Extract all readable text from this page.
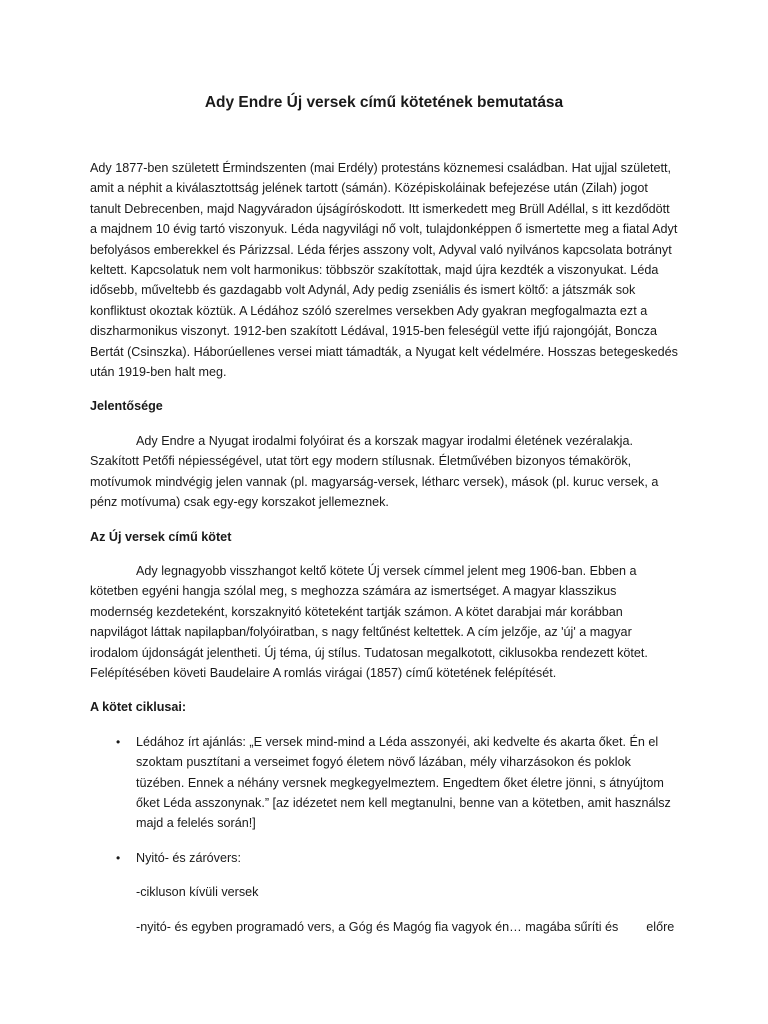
Ady Endre Új versek című kötetének bemutatása

Ady 1877-ben született Érmindszenten (mai Erdély) protestáns köznemesi családban. Hat ujjal született, amit a néphit a kiválasztottság jelének tartott (sámán). Középiskoláinak befejezése után (Zilah) jogot tanult Debrecenben, majd Nagyváradon újságíróskodott. Itt ismerkedett meg Brüll Adéllal, s itt kezdődött a majdnem 10 évig tartó viszonyuk. Léda nagyvilági nő volt, tulajdonképpen ő ismertette meg a fiatal Adyt befolyásos emberekkel és Párizzsal. Léda férjes asszony volt, Adyval való nyilvános kapcsolata botrányt keltett. Kapcsolatuk nem volt harmonikus: többször szakítottak, majd újra kezdték a viszonyukat. Léda idősebb, műveltebb és gazdagabb volt Adynál, Ady pedig zseniális és ismert költő: a játszmák sok konfliktust okoztak köztük. A Lédához szóló szerelmes versekben Ady gyakran megfogalmazta ezt a diszharmonikus viszonyt. 1912-ben szakított Lédával, 1915-ben feleségül vette ifjú rajongóját, Boncza Bertát (Csinszka). Háborúellenes versei miatt támadták, a Nyugat kelt védelmére. Hosszas betegeskedés után 1919-ben halt meg.

Jelentősége

Ady Endre a Nyugat irodalmi folyóirat és a korszak magyar irodalmi életének vezéralakja. Szakított Petőfi népiességével, utat tört egy modern stílusnak. Életművében bizonyos témakörök, motívumok mindvégig jelen vannak (pl. magyarság-versek, létharc versek), mások (pl. kuruc versek, a pénz motívuma) csak egy-egy korszakot jellemeznek.

Az Új versek című kötet

Ady legnagyobb visszhangot keltő kötete Új versek címmel jelent meg 1906-ban. Ebben a kötetben egyéni hangja szólal meg, s meghozza számára az ismertséget. A magyar klasszikus modernség kezdeteként, korszaknyitó köteteként tartják számon. A kötet darabjai már korábban napvilágot láttak napilapban/folyóiratban, s nagy feltűnést keltettek. A cím jelzője, az 'új' a magyar irodalom újdonságát jelentheti. Új téma, új stílus. Tudatosan megalkotott, ciklusokba rendezett kötet. Felépítésében követi Baudelaire A romlás virágai (1857) című kötetének felépítését.

A kötet ciklusai:

• Lédához írt ajánlás: „E versek mind-mind a Léda asszonyéi, aki kedvelte és akarta őket. Én el szoktam pusztítani a verseimet fogyó életem növő lázában, mély viharzásokon és poklok tüzében. Ennek a néhány versnek megkegyelmeztem. Engedtem őket életre jönni, s átnyújtom őket Léda asszonynak.” [az idézetet nem kell megtanulni, benne van a kötetben, amit használsz majd a felelés során!]
• Nyitó- és záróvers:

-cikluson kívüli versek

-nyitó- és egyben programadó vers, a Góg és Magóg fia vagyok én… magába sűríti és        előre
